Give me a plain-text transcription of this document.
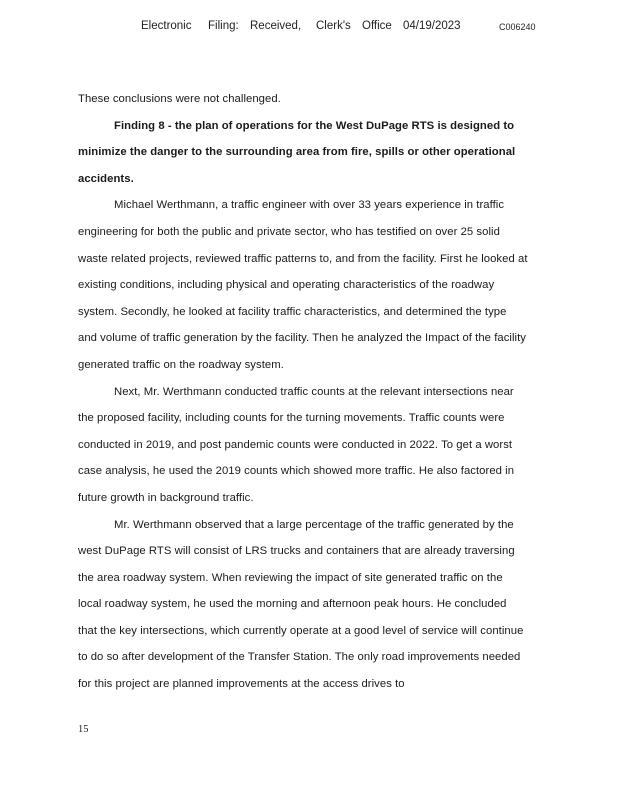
Electronic Filing: Received, Clerk's Office 04/19/2023	C006240

These conclusions were not challenged.

Finding 8 - the plan of operations for the West DuPage RTS is designed to minimize the danger to the surrounding area from fire, spills or other operational accidents.

Michael Werthmann, a traffic engineer with over 33 years experience in traffic engineering for both the public and private sector, who has testified on over 25 solid waste related projects, reviewed traffic patterns to, and from the facility. First he looked at existing conditions, including physical and operating characteristics of the roadway system. Secondly, he looked at facility traffic characteristics, and determined the type and volume of traffic generation by the facility. Then he analyzed the Impact of the facility generated traffic on the roadway system.

Next, Mr. Werthmann conducted traffic counts at the relevant intersections near the proposed facility, including counts for the turning movements. Traffic counts were conducted in 2019, and post pandemic counts were conducted in 2022. To get a worst case analysis, he used the 2019 counts which showed more traffic. He also factored in future growth in background traffic.

Mr. Werthmann observed that a large percentage of the traffic generated by the west DuPage RTS will consist of LRS trucks and containers that are already traversing the area roadway system. When reviewing the impact of site generated traffic on the local roadway system, he used the morning and afternoon peak hours. He concluded that the key intersections, which currently operate at a good level of service will continue to do so after development of the Transfer Station. The only road improvements needed for this project are planned improvements at the access drives to

15
